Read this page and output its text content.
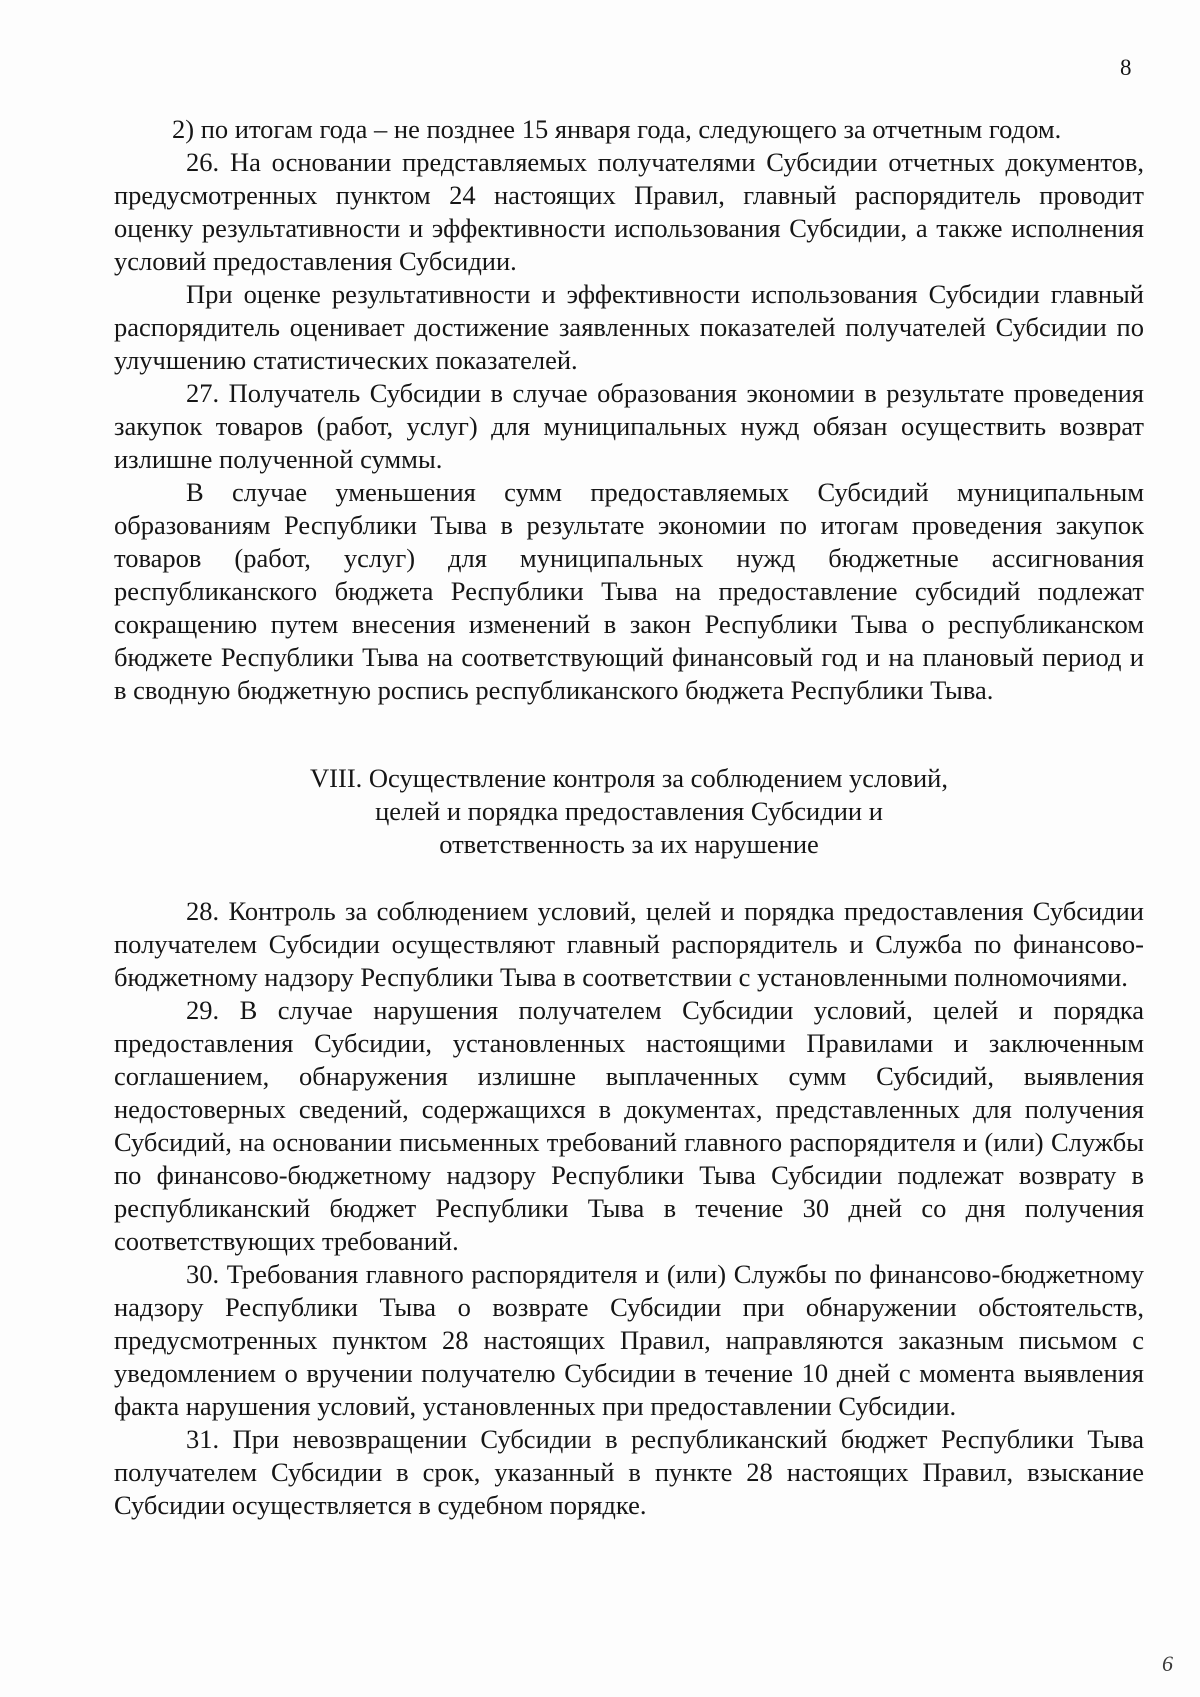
8

2) по итогам года – не позднее 15 января года, следующего за отчетным годом.

26. На основании представляемых получателями Субсидии отчетных документов, предусмотренных пунктом 24 настоящих Правил, главный распорядитель проводит оценку результативности и эффективности использования Субсидии, а также исполнения условий предоставления Субсидии.

При оценке результативности и эффективности использования Субсидии главный распорядитель оценивает достижение заявленных показателей получателей Субсидии по улучшению статистических показателей.

27. Получатель Субсидии в случае образования экономии в результате проведения закупок товаров (работ, услуг) для муниципальных нужд обязан осуществить возврат излишне полученной суммы.

В случае уменьшения сумм предоставляемых Субсидий муниципальным образованиям Республики Тыва в результате экономии по итогам проведения закупок товаров (работ, услуг) для муниципальных нужд бюджетные ассигнования республиканского бюджета Республики Тыва на предоставление субсидий подлежат сокращению путем внесения изменений в закон Республики Тыва о республиканском бюджете Республики Тыва на соответствующий финансовый год и на плановый период и в сводную бюджетную роспись республиканского бюджета Республики Тыва.

VIII. Осуществление контроля за соблюдением условий,
целей и порядка предоставления Субсидии и
ответственность за их нарушение

28. Контроль за соблюдением условий, целей и порядка предоставления Субсидии получателем Субсидии осуществляют главный распорядитель и Служба по финансово-бюджетному надзору Республики Тыва в соответствии с установленными полномочиями.

29. В случае нарушения получателем Субсидии условий, целей и порядка предоставления Субсидии, установленных настоящими Правилами и заключенным соглашением, обнаружения излишне выплаченных сумм Субсидий, выявления недостоверных сведений, содержащихся в документах, представленных для получения Субсидий, на основании письменных требований главного распорядителя и (или) Службы по финансово-бюджетному надзору Республики Тыва Субсидии подлежат возврату в республиканский бюджет Республики Тыва в течение 30 дней со дня получения соответствующих требований.

30. Требования главного распорядителя и (или) Службы по финансово-бюджетному надзору Республики Тыва о возврате Субсидии при обнаружении обстоятельств, предусмотренных пунктом 28 настоящих Правил, направляются заказным письмом с уведомлением о вручении получателю Субсидии в течение 10 дней с момента выявления факта нарушения условий, установленных при предоставлении Субсидии.

31. При невозвращении Субсидии в республиканский бюджет Республики Тыва получателем Субсидии в срок, указанный в пункте 28 настоящих Правил, взыскание Субсидии осуществляется в судебном порядке.

6
